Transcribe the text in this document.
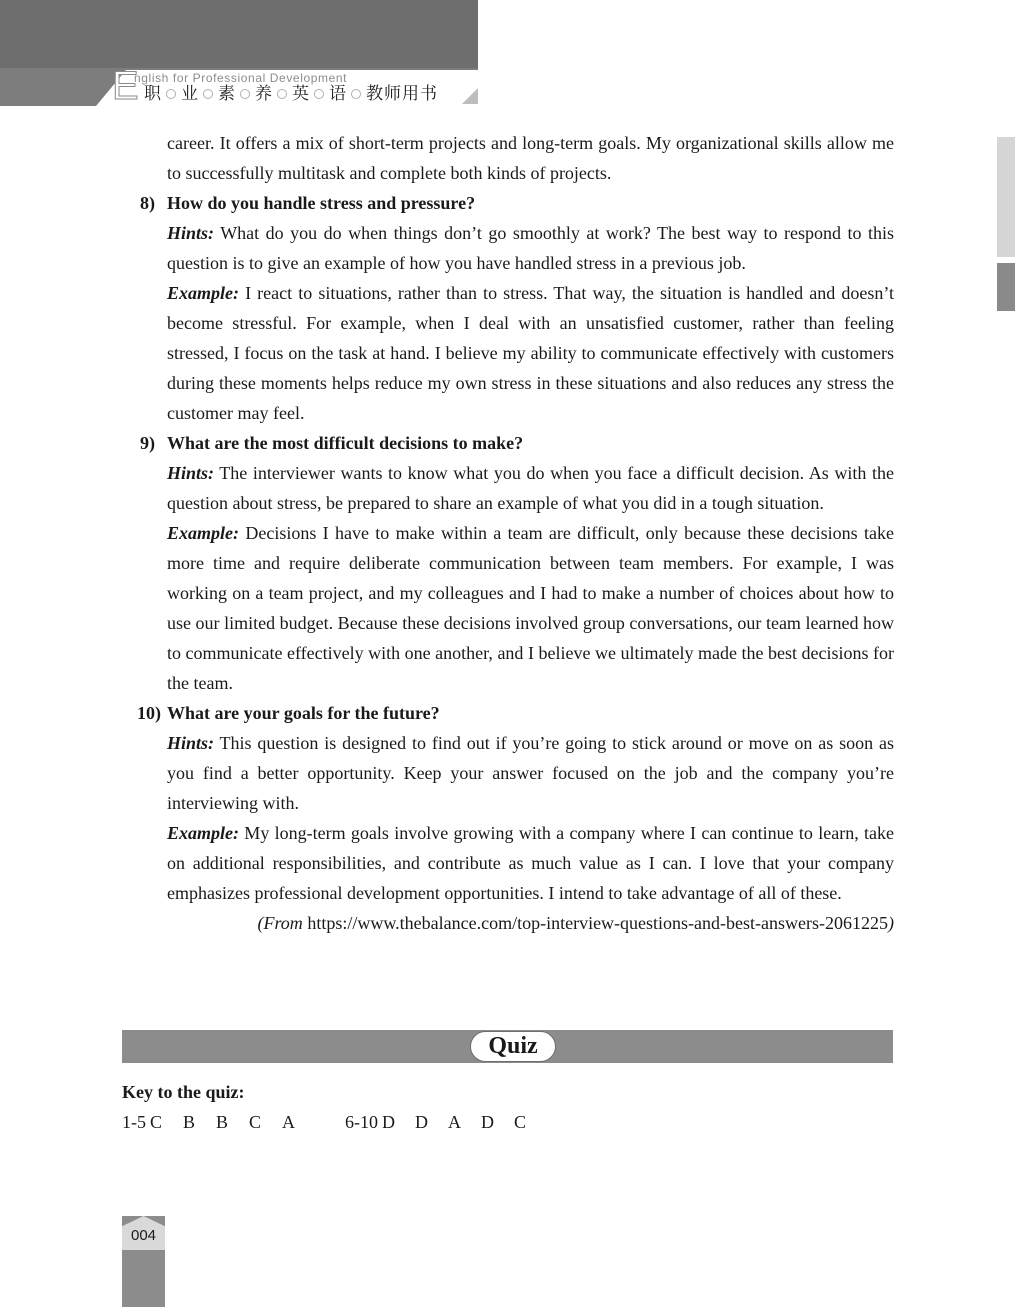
E
nglish for Professional Development
职 业 素 养 英 语 教师用书

career. It offers a mix of short-term projects and long-term goals. My organizational skills allow me to successfully multitask and complete both kinds of projects.

8) How do you handle stress and pressure?

Hints: What do you do when things don’t go smoothly at work? The best way to respond to this question is to give an example of how you have handled stress in a previous job.

Example: I react to situations, rather than to stress. That way, the situation is handled and doesn’t become stressful. For example, when I deal with an unsatisfied customer, rather than feeling stressed, I focus on the task at hand. I believe my ability to communicate effectively with customers during these moments helps reduce my own stress in these situations and also reduces any stress the customer may feel.

9) What are the most difficult decisions to make?

Hints: The interviewer wants to know what you do when you face a difficult decision. As with the question about stress, be prepared to share an example of what you did in a tough situation.

Example: Decisions I have to make within a team are difficult, only because these decisions take more time and require deliberate communication between team members. For example, I was working on a team project, and my colleagues and I had to make a number of choices about how to use our limited budget. Because these decisions involved group conversations, our team learned how to communicate effectively with one another, and I believe we ultimately made the best decisions for the team.

10) What are your goals for the future?

Hints: This question is designed to find out if you’re going to stick around or move on as soon as you find a better opportunity. Keep your answer focused on the job and the company you’re interviewing with.

Example: My long-term goals involve growing with a company where I can continue to learn, take on additional responsibilities, and contribute as much value as I can. I love that your company emphasizes professional development opportunities. I intend to take advantage of all of these.

(From https://www.thebalance.com/top-interview-questions-and-best-answers-2061225)

Quiz
Key to the quiz:
1-5 C	B	B	C	A	6-10 D	D	A	D	C
004
